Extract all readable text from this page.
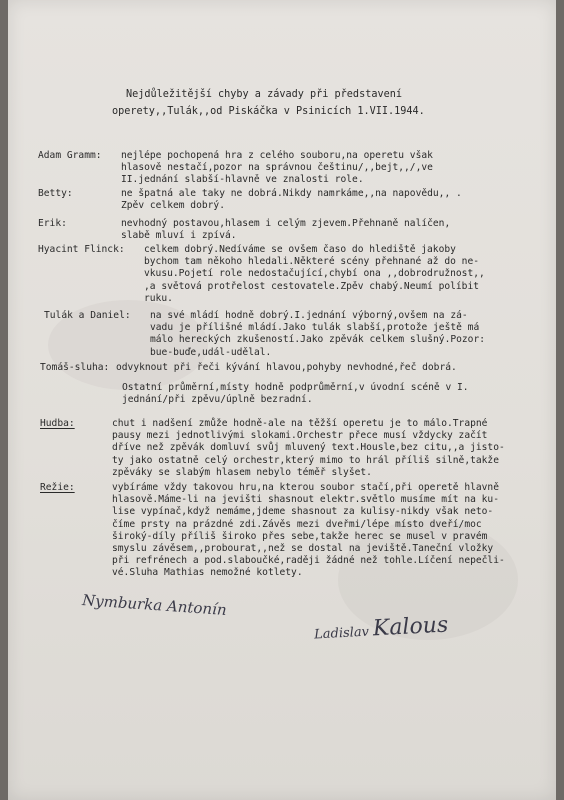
Nejdůležitější chyby a závady při představení
operety,,Tulák,,od Piskáčka v Psinicích 1.VII.1944.
Adam Gramm: nejlépe pochopená hra z celého souboru,na operetu však
hlasově nestačí,pozor na správnou češtinu/,,bejt,,/,ve
II.jednání slabší-hlavně ve znalosti role.
Betty:	ne špatná ale taky ne dobrá.Nikdy namrkáme,,na napovědu,, .
Zpěv celkem dobrý.
Erik:	nevhodný postavou,hlasem i celým zjevem.Přehnaně nalíčen,
slabě mluví i zpívá.
Hyacint Flinck: celkem dobrý.Nedíváme se ovšem časo do hlediště jakoby
bychom tam někoho hledali.Některé scény přehnané až do ne-
vkusu.Pojetí role nedostačující,chybí ona ,,dobrodružnost,,
,a světová protřelost cestovatele.Zpěv chabý.Neumí políbit
ruku.
Tulák a Daniel: na své mládí hodně dobrý.I.jednání výborný,ovšem na zá-
vadu je přílišné mládí.Jako tulák slabší,protože ještě má
málo hereckých zkušeností.Jako zpěvák celkem slušný.Pozor:
bue-buďe,udál-udělal.
Tomáš-sluha: odvyknout při řeči kývání hlavou,pohyby nevhodné,řeč dobrá.
Ostatní průměrní,místy hodně podprůměrní,v úvodní scéně v I.
jednání/při zpěvu/úplně bezradní.
Hudba:	chut i nadšení zmůže hodně-ale na těžší operetu je to málo.Trapné
pausy mezi jednotlivými slokami.Orchestr přece musí vždycky začít
dříve než zpěvák domluví svůj mluvený text.Housle,bez citu,,a jisto-
ty jako ostatně celý orchestr,který mimo to hrál příliš silně,takže
zpěváky se slabým hlasem nebylo téměř slyšet.
Režie:	vybíráme vždy takovou hru,na kterou soubor stačí,při operetě hlavně
hlasově.Máme-li na jevišti shasnout elektr.světlo musíme mít na ku-
lise vypínač,když nemáme,jdeme shasnout za kulisy-nikdy však neto-
číme prsty na prázdné zdi.Závěs mezi dveřmi/lépe místo dveří/moc
široký-díly příliš široko přes sebe,takže herec se musel v pravém
smyslu závěsem,,probourat,,než se dostal na jeviště.Taneční vložky
při refrénech a pod.slaboučké,raději žádné než tohle.Líčení nepečli-
vé.Sluha Mathias nemožné kotlety.
Nymburka Antonín
Ladislav Kalous
